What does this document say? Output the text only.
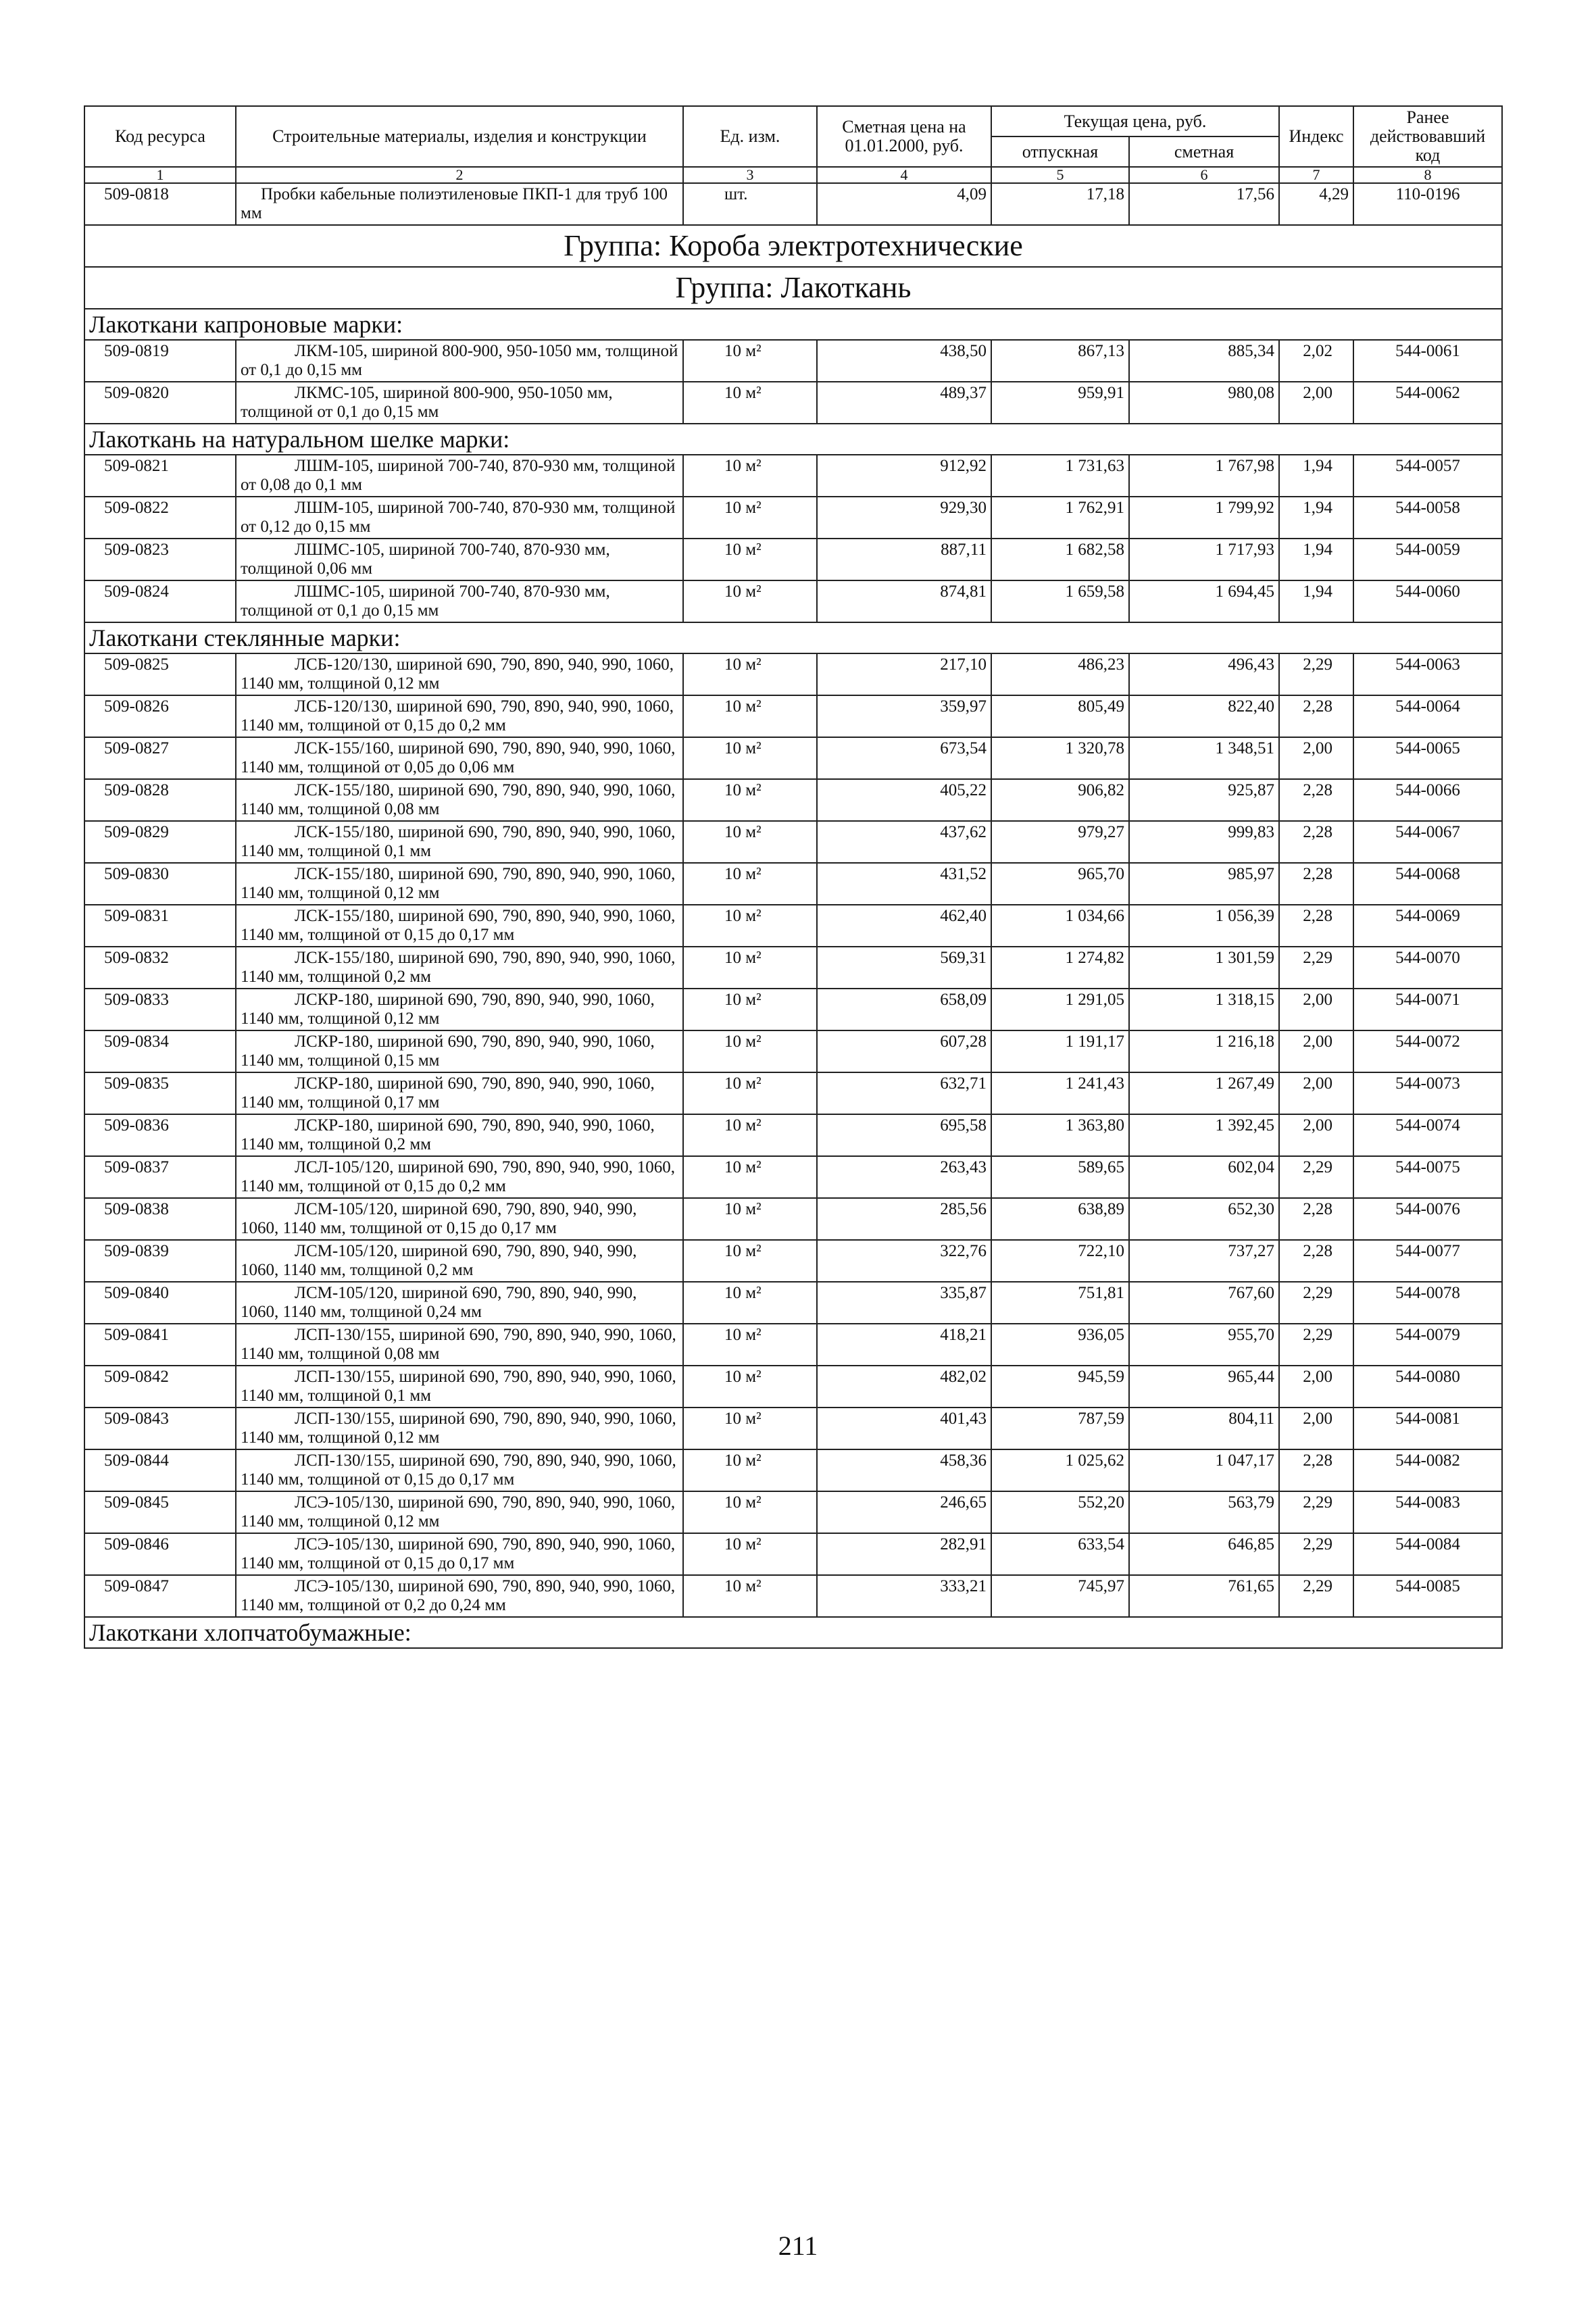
Код ресурса	Строительные материалы, изделия и конструкции	Ед. изм.	Сметная цена на 01.01.2000, руб.	Текущая цена, руб.		Индекс	Ранее действовавший код
				отпускная	сметная		
1	2	3	4	5	6	7	8
509-0818	Пробки кабельные полиэтиленовые ПКП-1 для труб 100 мм	шт.	4,09	17,18	17,56	4,29	110-0196
Группа: Короба электротехнические							
Группа: Лакоткань							
Лакоткани капроновые марки:							
509-0819	ЛКМ-105, шириной 800-900, 950-1050 мм, толщиной от 0,1 до 0,15 мм	10 м²	438,50	867,13	885,34	2,02	544-0061
509-0820	ЛКМС-105, шириной 800-900, 950-1050 мм, толщиной от 0,1 до 0,15 мм	10 м²	489,37	959,91	980,08	2,00	544-0062
Лакоткань на натуральном шелке марки:							
509-0821	ЛШМ-105, шириной 700-740, 870-930 мм, толщиной от 0,08 до 0,1 мм	10 м²	912,92	1 731,63	1 767,98	1,94	544-0057
509-0822	ЛШМ-105, шириной 700-740, 870-930 мм, толщиной от 0,12 до 0,15 мм	10 м²	929,30	1 762,91	1 799,92	1,94	544-0058
509-0823	ЛШМС-105, шириной 700-740, 870-930 мм, толщиной 0,06 мм	10 м²	887,11	1 682,58	1 717,93	1,94	544-0059
509-0824	ЛШМС-105, шириной 700-740, 870-930 мм, толщиной от 0,1 до 0,15 мм	10 м²	874,81	1 659,58	1 694,45	1,94	544-0060
Лакоткани стеклянные марки:							
509-0825	ЛСБ-120/130, шириной 690, 790, 890, 940, 990, 1060, 1140 мм, толщиной 0,12 мм	10 м²	217,10	486,23	496,43	2,29	544-0063
509-0826	ЛСБ-120/130, шириной 690, 790, 890, 940, 990, 1060, 1140 мм, толщиной от 0,15 до 0,2 мм	10 м²	359,97	805,49	822,40	2,28	544-0064
509-0827	ЛСК-155/160, шириной 690, 790, 890, 940, 990, 1060, 1140 мм, толщиной от 0,05 до 0,06 мм	10 м²	673,54	1 320,78	1 348,51	2,00	544-0065
509-0828	ЛСК-155/180, шириной 690, 790, 890, 940, 990, 1060, 1140 мм, толщиной 0,08 мм	10 м²	405,22	906,82	925,87	2,28	544-0066
509-0829	ЛСК-155/180, шириной 690, 790, 890, 940, 990, 1060, 1140 мм, толщиной 0,1 мм	10 м²	437,62	979,27	999,83	2,28	544-0067
509-0830	ЛСК-155/180, шириной 690, 790, 890, 940, 990, 1060, 1140 мм, толщиной 0,12 мм	10 м²	431,52	965,70	985,97	2,28	544-0068
509-0831	ЛСК-155/180, шириной 690, 790, 890, 940, 990, 1060, 1140 мм, толщиной от 0,15 до 0,17 мм	10 м²	462,40	1 034,66	1 056,39	2,28	544-0069
509-0832	ЛСК-155/180, шириной 690, 790, 890, 940, 990, 1060, 1140 мм, толщиной 0,2 мм	10 м²	569,31	1 274,82	1 301,59	2,29	544-0070
509-0833	ЛСКР-180, шириной 690, 790, 890, 940, 990, 1060, 1140 мм, толщиной 0,12 мм	10 м²	658,09	1 291,05	1 318,15	2,00	544-0071
509-0834	ЛСКР-180, шириной 690, 790, 890, 940, 990, 1060, 1140 мм, толщиной 0,15 мм	10 м²	607,28	1 191,17	1 216,18	2,00	544-0072
509-0835	ЛСКР-180, шириной 690, 790, 890, 940, 990, 1060, 1140 мм, толщиной 0,17 мм	10 м²	632,71	1 241,43	1 267,49	2,00	544-0073
509-0836	ЛСКР-180, шириной 690, 790, 890, 940, 990, 1060, 1140 мм, толщиной 0,2 мм	10 м²	695,58	1 363,80	1 392,45	2,00	544-0074
509-0837	ЛСЛ-105/120, шириной 690, 790, 890, 940, 990, 1060, 1140 мм, толщиной от 0,15 до 0,2 мм	10 м²	263,43	589,65	602,04	2,29	544-0075
509-0838	ЛСМ-105/120, шириной 690, 790, 890, 940, 990, 1060, 1140 мм, толщиной от 0,15 до 0,17 мм	10 м²	285,56	638,89	652,30	2,28	544-0076
509-0839	ЛСМ-105/120, шириной 690, 790, 890, 940, 990, 1060, 1140 мм, толщиной 0,2 мм	10 м²	322,76	722,10	737,27	2,28	544-0077
509-0840	ЛСМ-105/120, шириной 690, 790, 890, 940, 990, 1060, 1140 мм, толщиной 0,24 мм	10 м²	335,87	751,81	767,60	2,29	544-0078
509-0841	ЛСП-130/155, шириной 690, 790, 890, 940, 990, 1060, 1140 мм, толщиной 0,08 мм	10 м²	418,21	936,05	955,70	2,29	544-0079
509-0842	ЛСП-130/155, шириной 690, 790, 890, 940, 990, 1060, 1140 мм, толщиной 0,1 мм	10 м²	482,02	945,59	965,44	2,00	544-0080
509-0843	ЛСП-130/155, шириной 690, 790, 890, 940, 990, 1060, 1140 мм, толщиной 0,12 мм	10 м²	401,43	787,59	804,11	2,00	544-0081
509-0844	ЛСП-130/155, шириной 690, 790, 890, 940, 990, 1060, 1140 мм, толщиной от 0,15 до 0,17 мм	10 м²	458,36	1 025,62	1 047,17	2,28	544-0082
509-0845	ЛСЭ-105/130, шириной 690, 790, 890, 940, 990, 1060, 1140 мм, толщиной 0,12 мм	10 м²	246,65	552,20	563,79	2,29	544-0083
509-0846	ЛСЭ-105/130, шириной 690, 790, 890, 940, 990, 1060, 1140 мм, толщиной от 0,15 до 0,17 мм	10 м²	282,91	633,54	646,85	2,29	544-0084
509-0847	ЛСЭ-105/130, шириной 690, 790, 890, 940, 990, 1060, 1140 мм, толщиной от 0,2 до 0,24 мм	10 м²	333,21	745,97	761,65	2,29	544-0085
Лакоткани хлопчатобумажные:							
211
